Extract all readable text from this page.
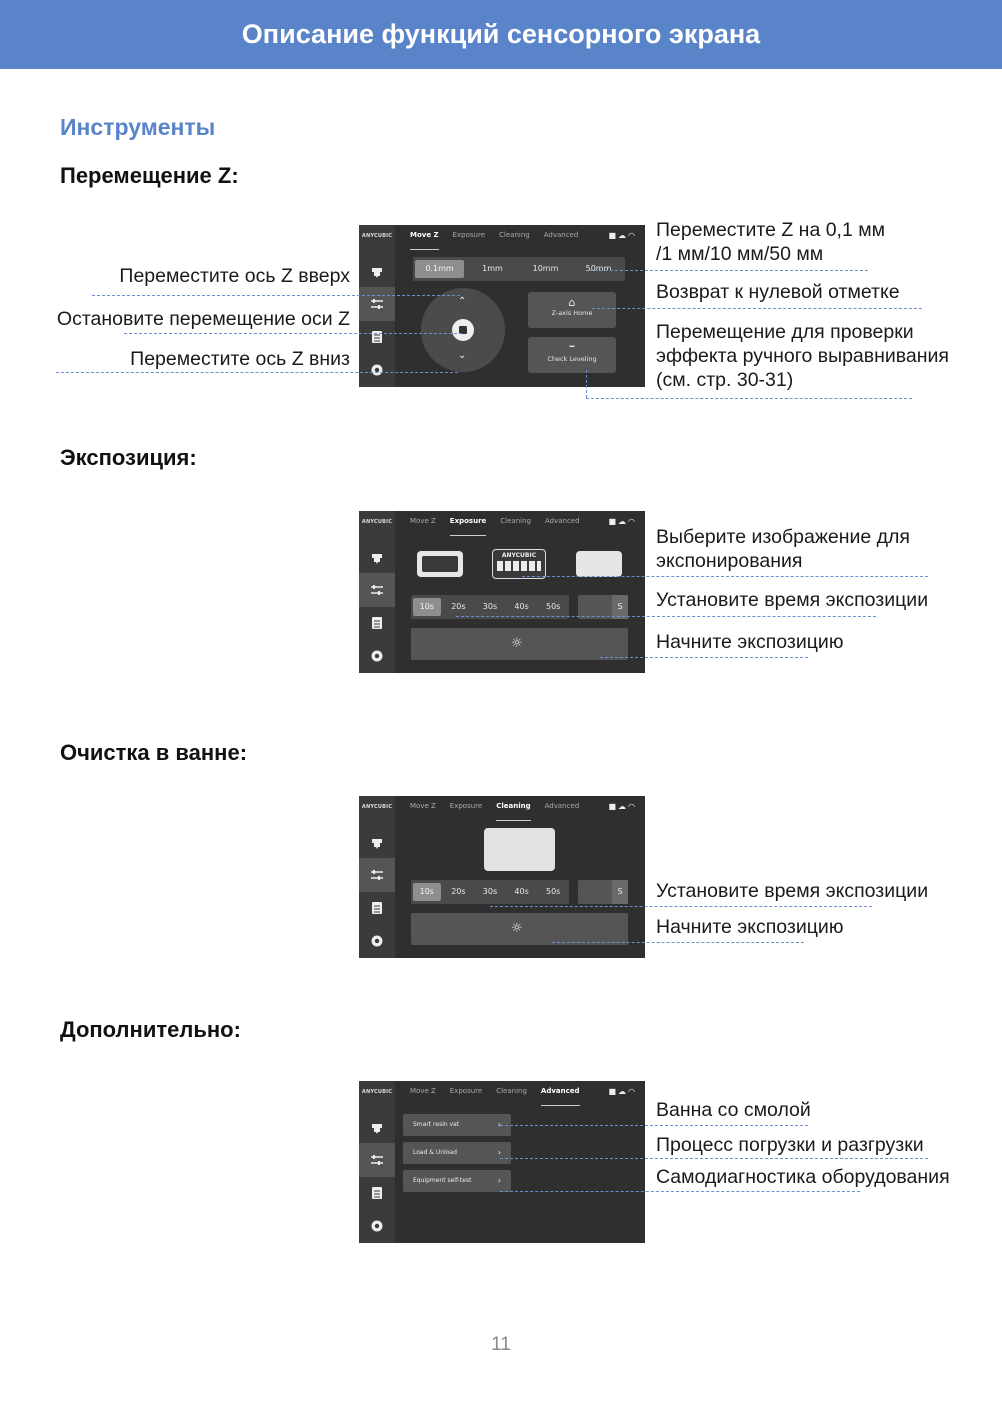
Описание функций сенсорного экрана
Инструменты
Перемещение Z:
ANYCUBIC	Move Z Exposure Cleaning Advanced	■☁◠
0.1mm	1mm	10mm	50mm
⌃
⌄
⌂
Z-axis Home
━
Check Leveling
Переместите ось Z вверх
Остановите перемещение оси Z
Переместите ось Z вниз
Переместите Z на 0,1 мм
/1 мм/10 мм/50 мм
Возврат к нулевой отметке
Перемещение для проверки
эффекта ручного выравнивания
(см. стр. 30-31)
Экспозиция:
ANYCUBIC	Move Z Exposure Cleaning Advanced	■☁◠
ANYCUBIC
10s	20s	30s	40s	50s	S
☼
Выберите изображение для
экспонирования
Установите время экспозиции
Начните экспозицию
Очистка в ванне:
ANYCUBIC	Move Z Exposure Cleaning Advanced	■☁◠
10s	20s	30s	40s	50s	S
☼
Установите время экспозиции
Начните экспозицию
Дополнительно:
ANYCUBIC	Move Z Exposure Cleaning Advanced	■☁◠
Smart resin vat	›
Load & Unload	›
Equipment self-test	›
Ванна со смолой
Процесс погрузки и разгрузки
Самодиагностика оборудования
11
